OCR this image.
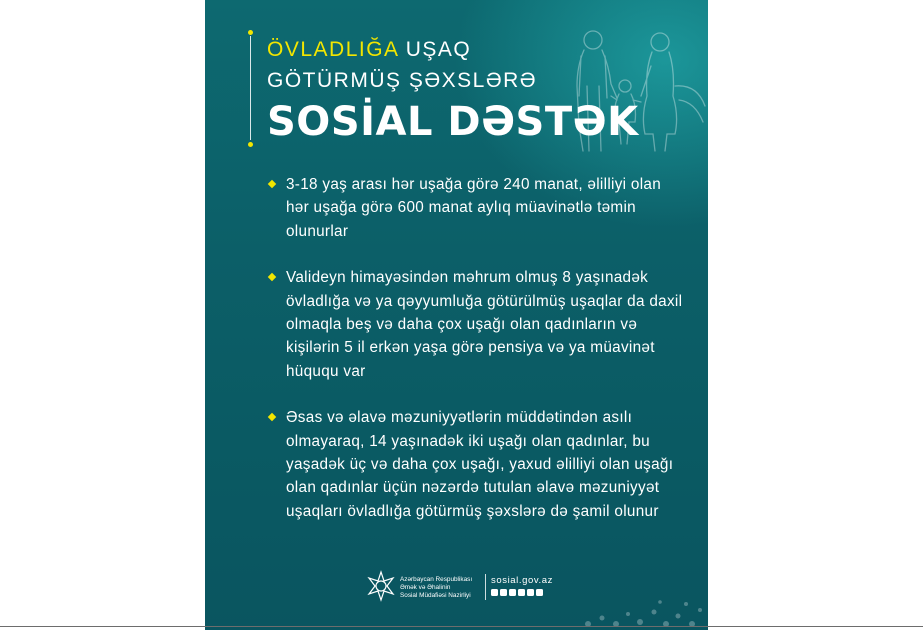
ÖVLADLIĞA UŞAQ
GÖTÜRMÜŞ ŞƏXSLƏRƏ
SOSİAL DƏSTƏK
3-18 yaş arası hər uşağa görə 240 manat, əlilliyi olan hər uşağa görə 600 manat aylıq müavinətlə təmin olunurlar
Valideyn himayəsindən məhrum olmuş 8 yaşınadək övladlığa və ya qəyyumluğa götürülmüş uşaqlar da daxil olmaqla beş və daha çox uşağı olan qadınların və kişilərin 5 il erkən yaşa görə pensiya və ya müavinət hüququ var
Əsas və əlavə məzuniyyətlərin müddətindən asılı olmayaraq, 14 yaşınadək iki uşağı olan qadınlar, bu yaşadək üç və daha çox uşağı, yaxud əlilliyi olan uşağı olan qadınlar üçün nəzərdə tutulan əlavə məzuniyyət uşaqları övladlığa götürmüş şəxslərə də şamil olunur
Azərbaycan Respublikası
Əmək və Əhalinin
Sosial Müdafiəsi Nazirliyi
sosial.gov.az
